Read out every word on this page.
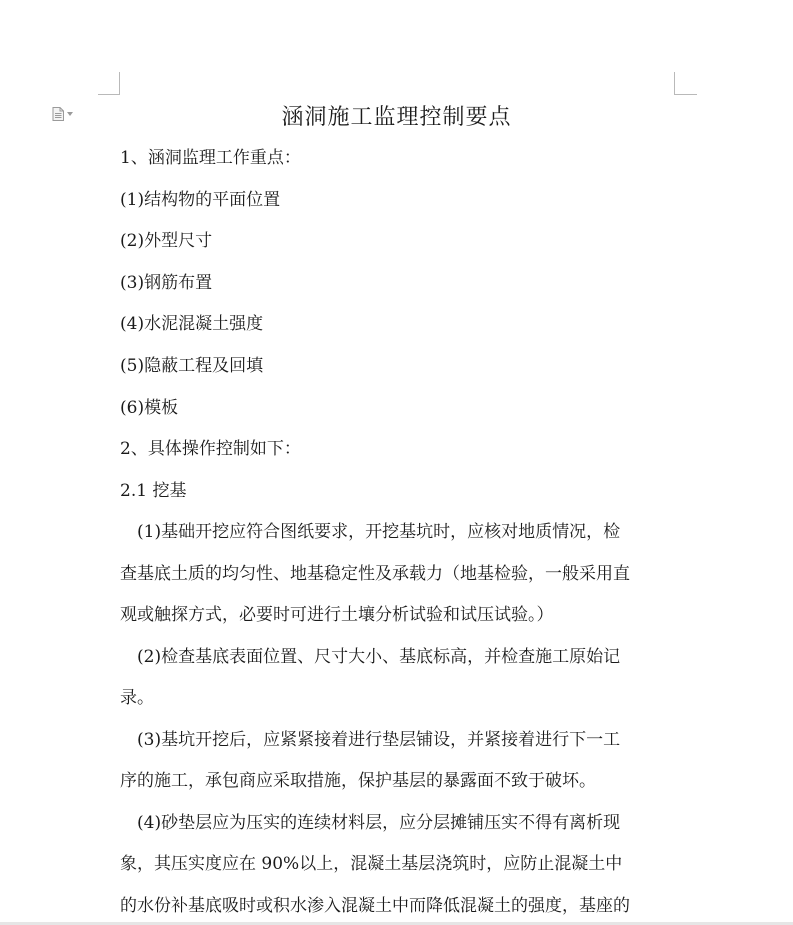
涵洞施工监理控制要点

1、涵洞监理工作重点：

(1)结构物的平面位置

(2)外型尺寸

(3)钢筋布置

(4)水泥混凝土强度

(5)隐蔽工程及回填

(6)模板

2、具体操作控制如下：

2.1 挖基

(1)基础开挖应符合图纸要求，开挖基坑时，应核对地质情况，检

查基底土质的均匀性、地基稳定性及承载力（地基检验，一般采用直

观或触探方式，必要时可进行土壤分析试验和试压试验。）

(2)检查基底表面位置、尺寸大小、基底标高，并检查施工原始记

录。

(3)基坑开挖后，应紧紧接着进行垫层铺设，并紧接着进行下一工

序的施工，承包商应采取措施，保护基层的暴露面不致于破坏。

(4)砂垫层应为压实的连续材料层，应分层摊铺压实不得有离析现

象，其压实度应在 90%以上，混凝土基层浇筑时，应防止混凝土中

的水份补基底吸时或积水渗入混凝土中而降低混凝土的强度，基座的
